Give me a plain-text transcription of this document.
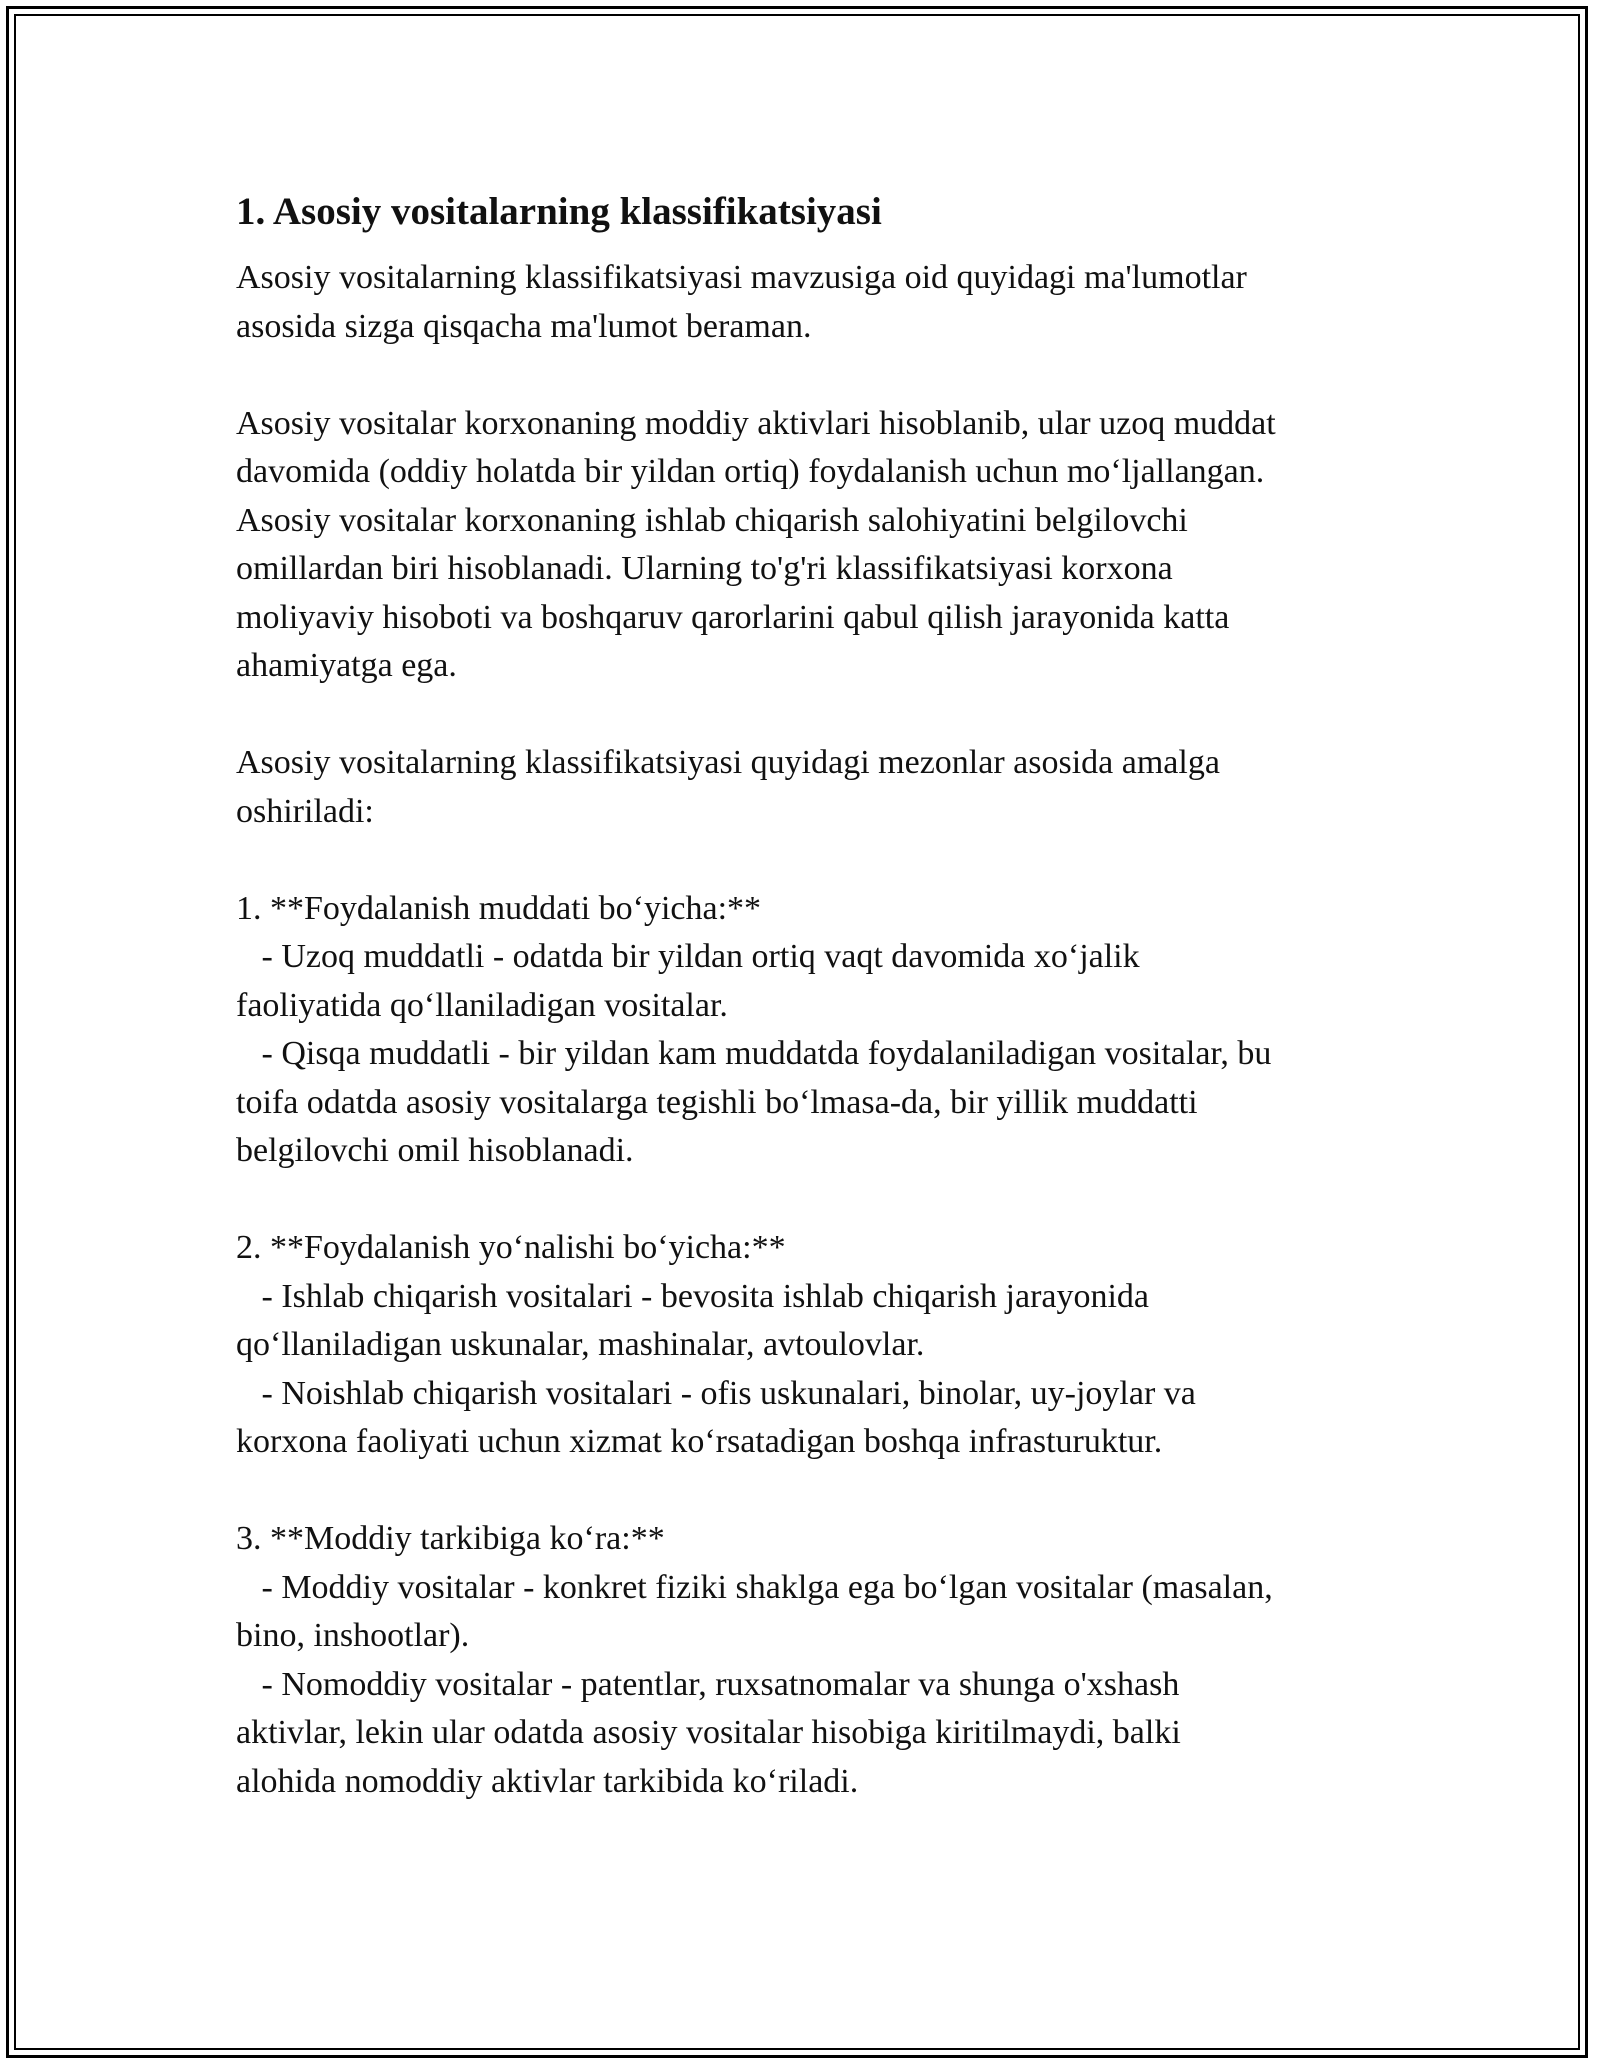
1. Asosiy vositalarning klassifikatsiyasi
Asosiy vositalarning klassifikatsiyasi mavzusiga oid quyidagi ma'lumotlar
asosida sizga qisqacha ma'lumot beraman.
Asosiy vositalar korxonaning moddiy aktivlari hisoblanib, ular uzoq muddat
davomida (oddiy holatda bir yildan ortiq) foydalanish uchun mo‘ljallangan.
Asosiy vositalar korxonaning ishlab chiqarish salohiyatini belgilovchi
omillardan biri hisoblanadi. Ularning to'g'ri klassifikatsiyasi korxona
moliyaviy hisoboti va boshqaruv qarorlarini qabul qilish jarayonida katta
ahamiyatga ega.
Asosiy vositalarning klassifikatsiyasi quyidagi mezonlar asosida amalga
oshiriladi:
1. **Foydalanish muddati bo‘yicha:**
- Uzoq muddatli - odatda bir yildan ortiq vaqt davomida xo‘jalik
faoliyatida qo‘llaniladigan vositalar.
- Qisqa muddatli - bir yildan kam muddatda foydalaniladigan vositalar, bu
toifa odatda asosiy vositalarga tegishli bo‘lmasa-da, bir yillik muddatti
belgilovchi omil hisoblanadi.
2. **Foydalanish yo‘nalishi bo‘yicha:**
- Ishlab chiqarish vositalari - bevosita ishlab chiqarish jarayonida
qo‘llaniladigan uskunalar, mashinalar, avtoulovlar.
- Noishlab chiqarish vositalari - ofis uskunalari, binolar, uy-joylar va
korxona faoliyati uchun xizmat ko‘rsatadigan boshqa infrasturuktur.
3. **Moddiy tarkibiga ko‘ra:**
- Moddiy vositalar - konkret fiziki shaklga ega bo‘lgan vositalar (masalan,
bino, inshootlar).
- Nomoddiy vositalar - patentlar, ruxsatnomalar va shunga o'xshash
aktivlar, lekin ular odatda asosiy vositalar hisobiga kiritilmaydi, balki
alohida nomoddiy aktivlar tarkibida ko‘riladi.
